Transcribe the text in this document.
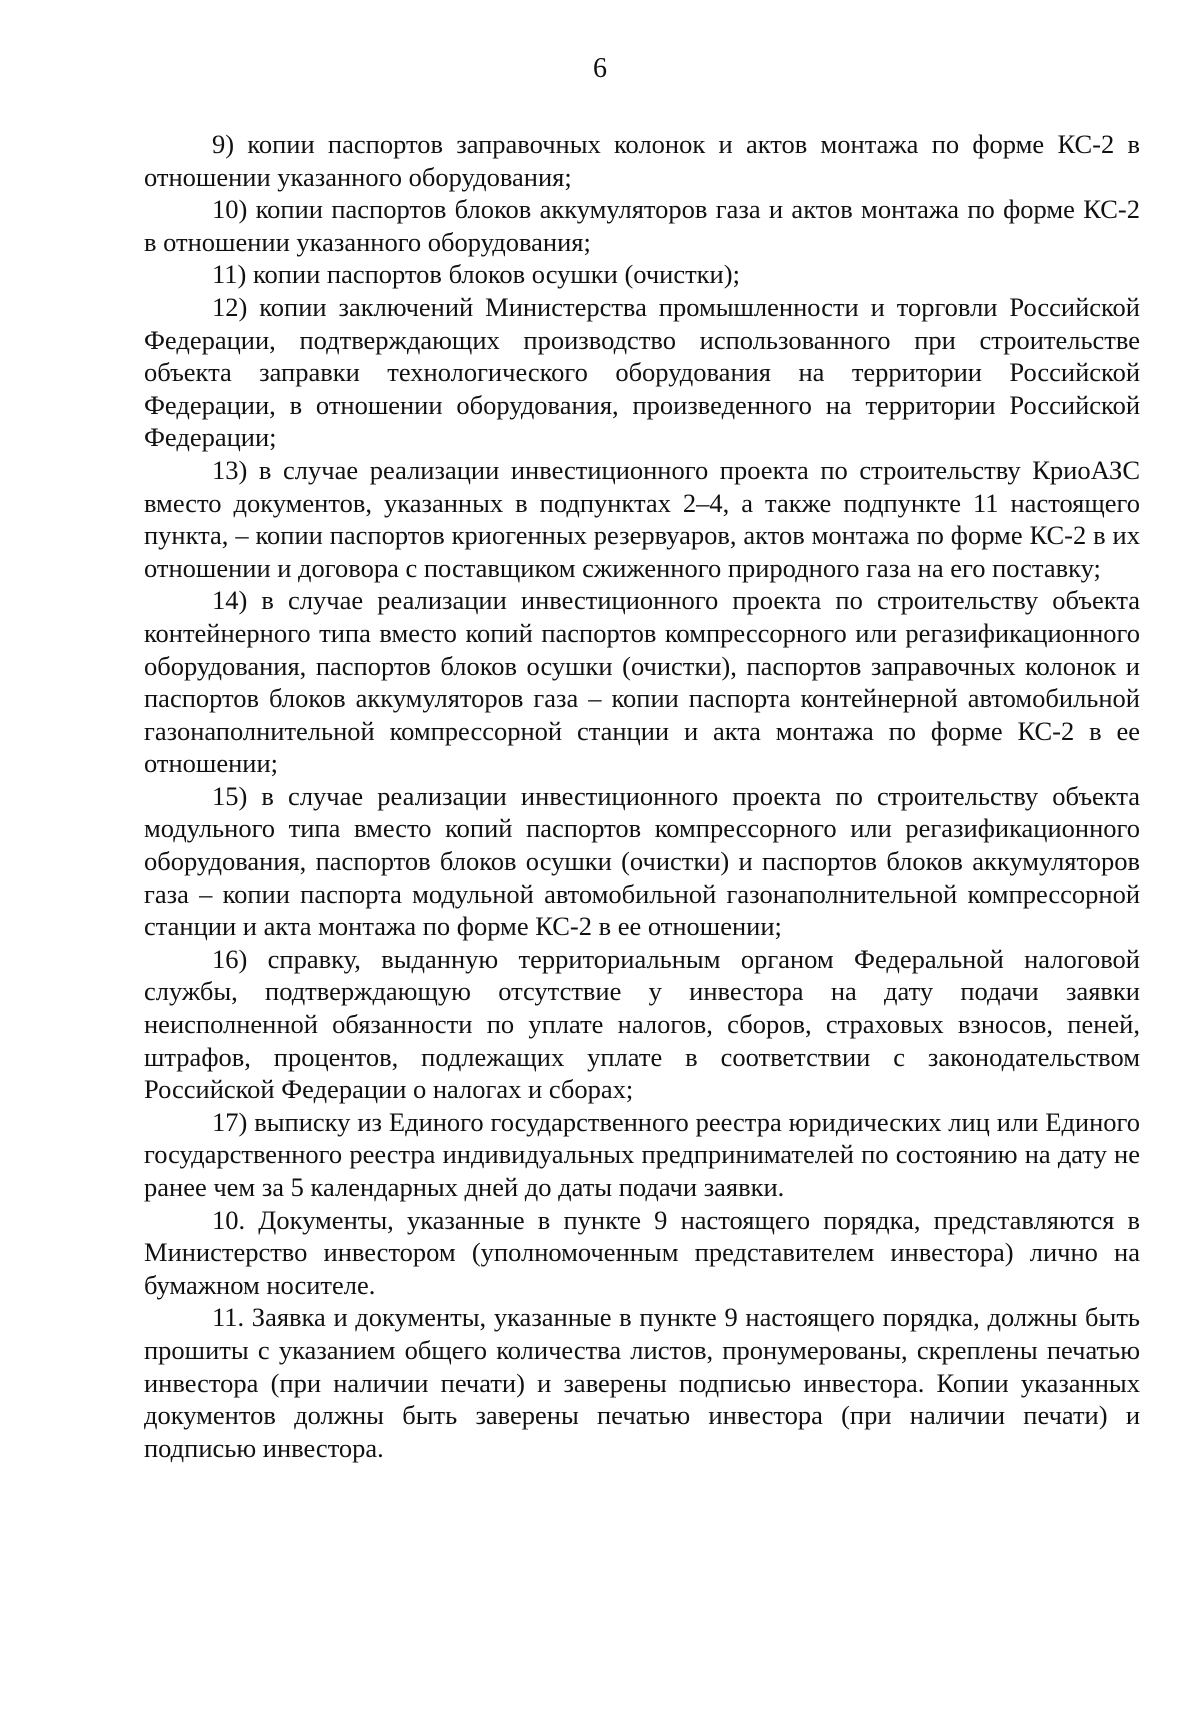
6

9) копии паспортов заправочных колонок и актов монтажа по форме КС-2 в отношении указанного оборудования;

10) копии паспортов блоков аккумуляторов газа и актов монтажа по форме КС-2 в отношении указанного оборудования;

11) копии паспортов блоков осушки (очистки);

12) копии заключений Министерства промышленности и торговли Российской Федерации, подтверждающих производство использованного при строительстве объекта заправки технологического оборудования на территории Российской Федерации, в отношении оборудования, произведенного на территории Российской Федерации;

13) в случае реализации инвестиционного проекта по строительству КриоАЗС вместо документов, указанных в подпунктах 2–4, а также подпункте 11 настоящего пункта, – копии паспортов криогенных резервуаров, актов монтажа по форме КС-2 в их отношении и договора с поставщиком сжиженного природного газа на его поставку;

14) в случае реализации инвестиционного проекта по строительству объекта контейнерного типа вместо копий паспортов компрессорного или регазификационного оборудования, паспортов блоков осушки (очистки), паспортов заправочных колонок и паспортов блоков аккумуляторов газа – копии паспорта контейнерной автомобильной газонаполнительной компрессорной станции и акта монтажа по форме КС-2 в ее отношении;

15) в случае реализации инвестиционного проекта по строительству объекта модульного типа вместо копий паспортов компрессорного или регазификационного оборудования, паспортов блоков осушки (очистки) и паспортов блоков аккумуляторов газа – копии паспорта модульной автомобильной газонаполнительной компрессорной станции и акта монтажа по форме КС-2 в ее отношении;

16) справку, выданную территориальным органом Федеральной налоговой службы, подтверждающую отсутствие у инвестора на дату подачи заявки неисполненной обязанности по уплате налогов, сборов, страховых взносов, пеней, штрафов, процентов, подлежащих уплате в соответствии с законодательством Российской Федерации о налогах и сборах;

17) выписку из Единого государственного реестра юридических лиц или Единого государственного реестра индивидуальных предпринимателей по состоянию на дату не ранее чем за 5 календарных дней до даты подачи заявки.

10. Документы, указанные в пункте 9 настоящего порядка, представляются в Министерство инвестором (уполномоченным представителем инвестора) лично на бумажном носителе.

11. Заявка и документы, указанные в пункте 9 настоящего порядка, должны быть прошиты с указанием общего количества листов, пронумерованы, скреплены печатью инвестора (при наличии печати) и заверены подписью инвестора. Копии указанных документов должны быть заверены печатью инвестора (при наличии печати) и подписью инвестора.
